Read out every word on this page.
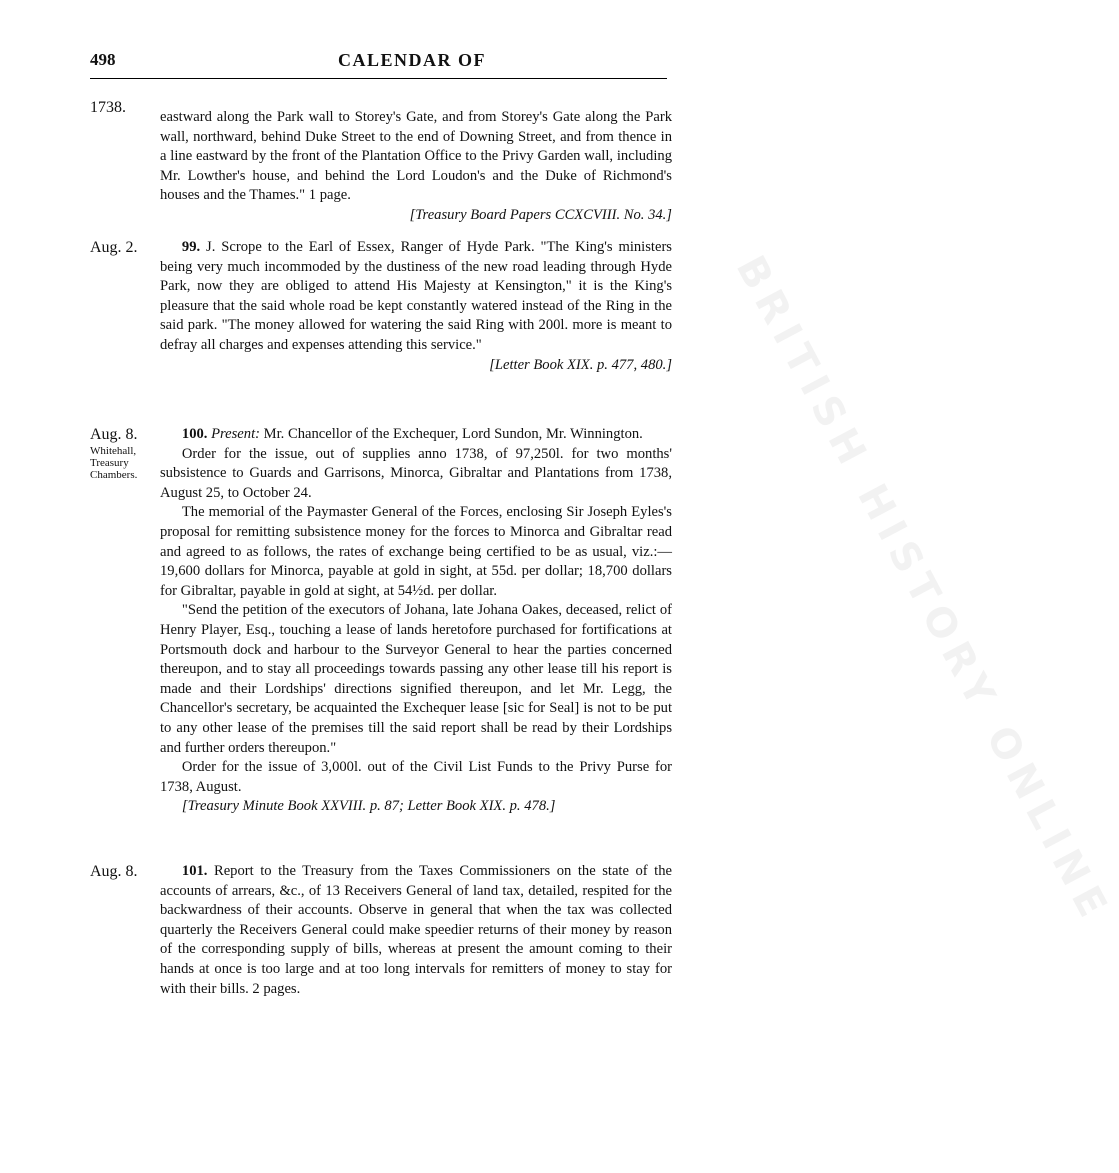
BRITISH HISTORY ONLINE
498	CALENDAR OF
1738.

eastward along the Park wall to Storey's Gate, and from Storey's Gate along the Park wall, northward, behind Duke Street to the end of Downing Street, and from thence in a line eastward by the front of the Plantation Office to the Privy Garden wall, including Mr. Lowther's house, and behind the Lord Loudon's and the Duke of Richmond's houses and the Thames." 1 page.

[Treasury Board Papers CCXCVIII. No. 34.]

Aug. 2.	99. J. Scrope to the Earl of Essex, Ranger of Hyde Park. "The King's ministers being very much incommoded by the dustiness of the new road leading through Hyde Park, now they are obliged to attend His Majesty at Kensington," it is the King's pleasure that the said whole road be kept constantly watered instead of the Ring in the said park. "The money allowed for watering the said Ring with 200l. more is meant to defray all charges and expenses attending this service."

[Letter Book XIX. p. 477, 480.]

Aug. 8.
Whitehall, Treasury Chambers.

100. Present: Mr. Chancellor of the Exchequer, Lord Sundon, Mr. Winnington.

Order for the issue, out of supplies anno 1738, of 97,250l. for two months' subsistence to Guards and Garrisons, Minorca, Gibraltar and Plantations from 1738, August 25, to October 24.

The memorial of the Paymaster General of the Forces, enclosing Sir Joseph Eyles's proposal for remitting subsistence money for the forces to Minorca and Gibraltar read and agreed to as follows, the rates of exchange being certified to be as usual, viz.:—19,600 dollars for Minorca, payable at gold in sight, at 55d. per dollar; 18,700 dollars for Gibraltar, payable in gold at sight, at 54½d. per dollar.

"Send the petition of the executors of Johana, late Johana Oakes, deceased, relict of Henry Player, Esq., touching a lease of lands heretofore purchased for fortifications at Portsmouth dock and harbour to the Surveyor General to hear the parties concerned thereupon, and to stay all proceedings towards passing any other lease till his report is made and their Lordships' directions signified thereupon, and let Mr. Legg, the Chancellor's secretary, be acquainted the Exchequer lease [sic for Seal] is not to be put to any other lease of the premises till the said report shall be read by their Lordships and further orders thereupon."

Order for the issue of 3,000l. out of the Civil List Funds to the Privy Purse for 1738, August.

[Treasury Minute Book XXVIII. p. 87; Letter Book XIX. p. 478.]

Aug. 8.	101. Report to the Treasury from the Taxes Commissioners on the state of the accounts of arrears, &c., of 13 Receivers General of land tax, detailed, respited for the backwardness of their accounts. Observe in general that when the tax was collected quarterly the Receivers General could make speedier returns of their money by reason of the corresponding supply of bills, whereas at present the amount coming to their hands at once is too large and at too long intervals for remitters of money to stay for with their bills. 2 pages.
